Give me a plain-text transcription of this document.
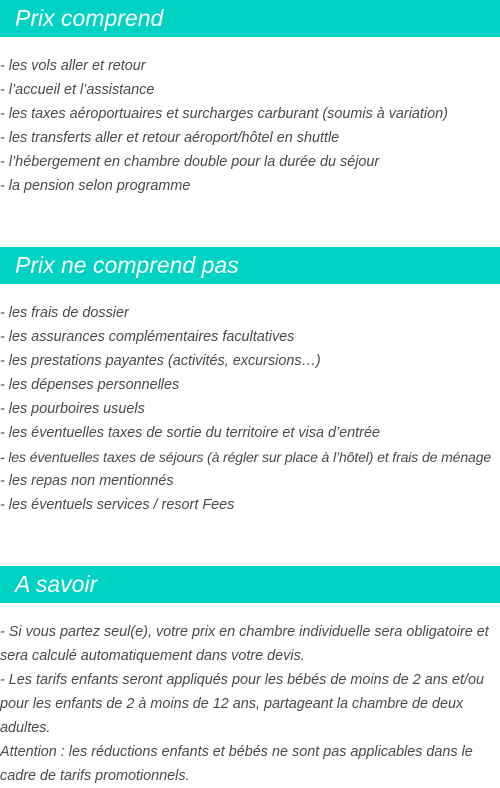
Prix comprend
- les vols aller et retour
- l’accueil et l’assistance
- les taxes aéroportuaires et surcharges carburant (soumis à variation)
- les transferts aller et retour aéroport/hôtel en shuttle
- l’hébergement en chambre double pour la durée du séjour
- la pension selon programme
Prix ne comprend pas
- les frais de dossier
- les assurances complémentaires facultatives
- les prestations payantes (activités, excursions…)
- les dépenses personnelles
- les pourboires usuels
- les éventuelles taxes de sortie du territoire et visa d’entrée
- les éventuelles taxes de séjours (à régler sur place à l’hôtel) et frais de ménage
- les repas non mentionnés
- les éventuels services / resort Fees
A savoir

- Si vous partez seul(e), votre prix en chambre individuelle sera obligatoire et sera calculé automatiquement dans votre devis.

- Les tarifs enfants seront appliqués pour les bébés de moins de 2 ans et/ou pour les enfants de 2 à moins de 12 ans, partageant la chambre de deux adultes.

Attention : les réductions enfants et bébés ne sont pas applicables dans le cadre de tarifs promotionnels.
